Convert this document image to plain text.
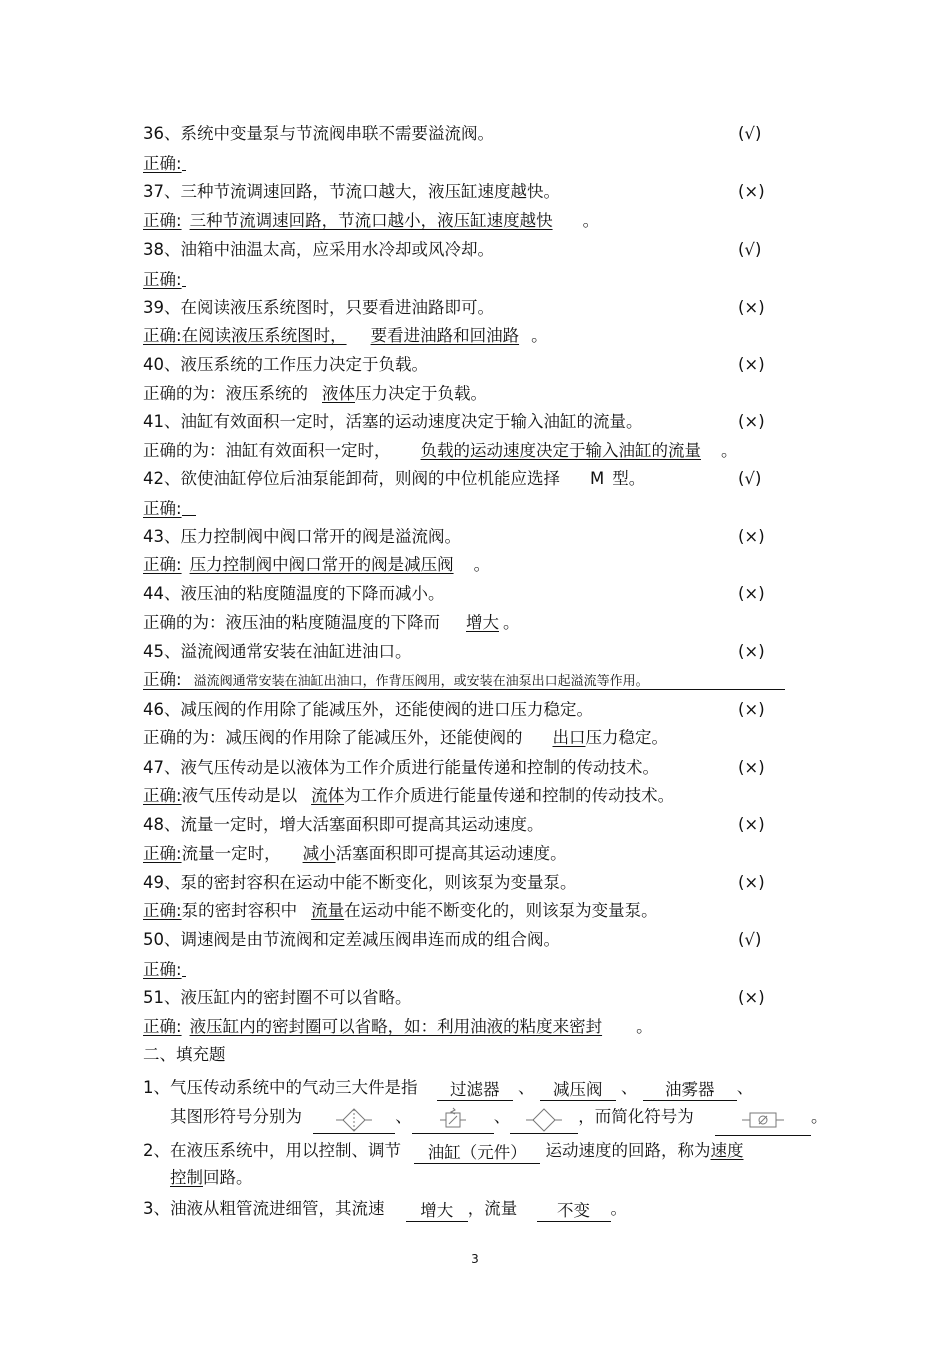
36、系统中变量泵与节流阀串联不需要溢流阀。	(√)
正确:
37、三种节流调速回路，节流口越大，液压缸速度越快。	(×)
正确: 三种节流调速回路，节流口越小，液压缸速度越快 。
38、油箱中油温太高，应采用水冷却或风冷却。	(√)
正确:
39、在阅读液压系统图时，只要看进油路即可。	(×)
正确:在阅读液压系统图时， 要看进油路和回油路 。
40、液压系统的工作压力决定于负载。	(×)
正确的为：液压系统的 液体压力决定于负载。
41、油缸有效面积一定时，活塞的运动速度决定于输入油缸的流量。	(×)
正确的为：油缸有效面积一定时， 负载的运动速度决定于输入油缸的流量 。
42、欲使油缸停位后油泵能卸荷，则阀的中位机能应选择 M 型。	(√)
正确:
43、压力控制阀中阀口常开的阀是溢流阀。	(×)
正确: 压力控制阀中阀口常开的阀是减压阀 。
44、液压油的粘度随温度的下降而减小。	(×)
正确的为：液压油的粘度随温度的下降而 增大 。
45、溢流阀通常安装在油缸进油口。	(×)
正确: 溢流阀通常安装在油缸出油口，作背压阀用，或安装在油泵出口起溢流等作用。
46、减压阀的作用除了能减压外，还能使阀的进口压力稳定。	(×)
正确的为：减压阀的作用除了能减压外，还能使阀的 出口压力稳定。
47、液气压传动是以液体为工作介质进行能量传递和控制的传动技术。	(×)
正确:液气压传动是以 流体为工作介质进行能量传递和控制的传动技术。
48、流量一定时，增大活塞面积即可提高其运动速度。	(×)
正确:流量一定时， 减小活塞面积即可提高其运动速度。
49、泵的密封容积在运动中能不断变化，则该泵为变量泵。	(×)
正确:泵的密封容积中 流量在运动中能不断变化的，则该泵为变量泵。
50、调速阀是由节流阀和定差减压阀串连而成的组合阀。	(√)
正确:
51、液压缸内的密封圈不可以省略。	(×)
正确: 液压缸内的密封圈可以省略，如：利用油液的粘度来密封 。
二、填充题
1、气压传动系统中的气动三大件是指 过滤器 、 减压阀 、 油雾器 、
其图形符号分别为	、	、	，而简化符号为	。
2、在液压系统中，用以控制、调节 油缸（元件） 运动速度的回路，称为速度
控制回路。
3、油液从粗管流进细管，其流速 增大 ，流量 不变 。
3
